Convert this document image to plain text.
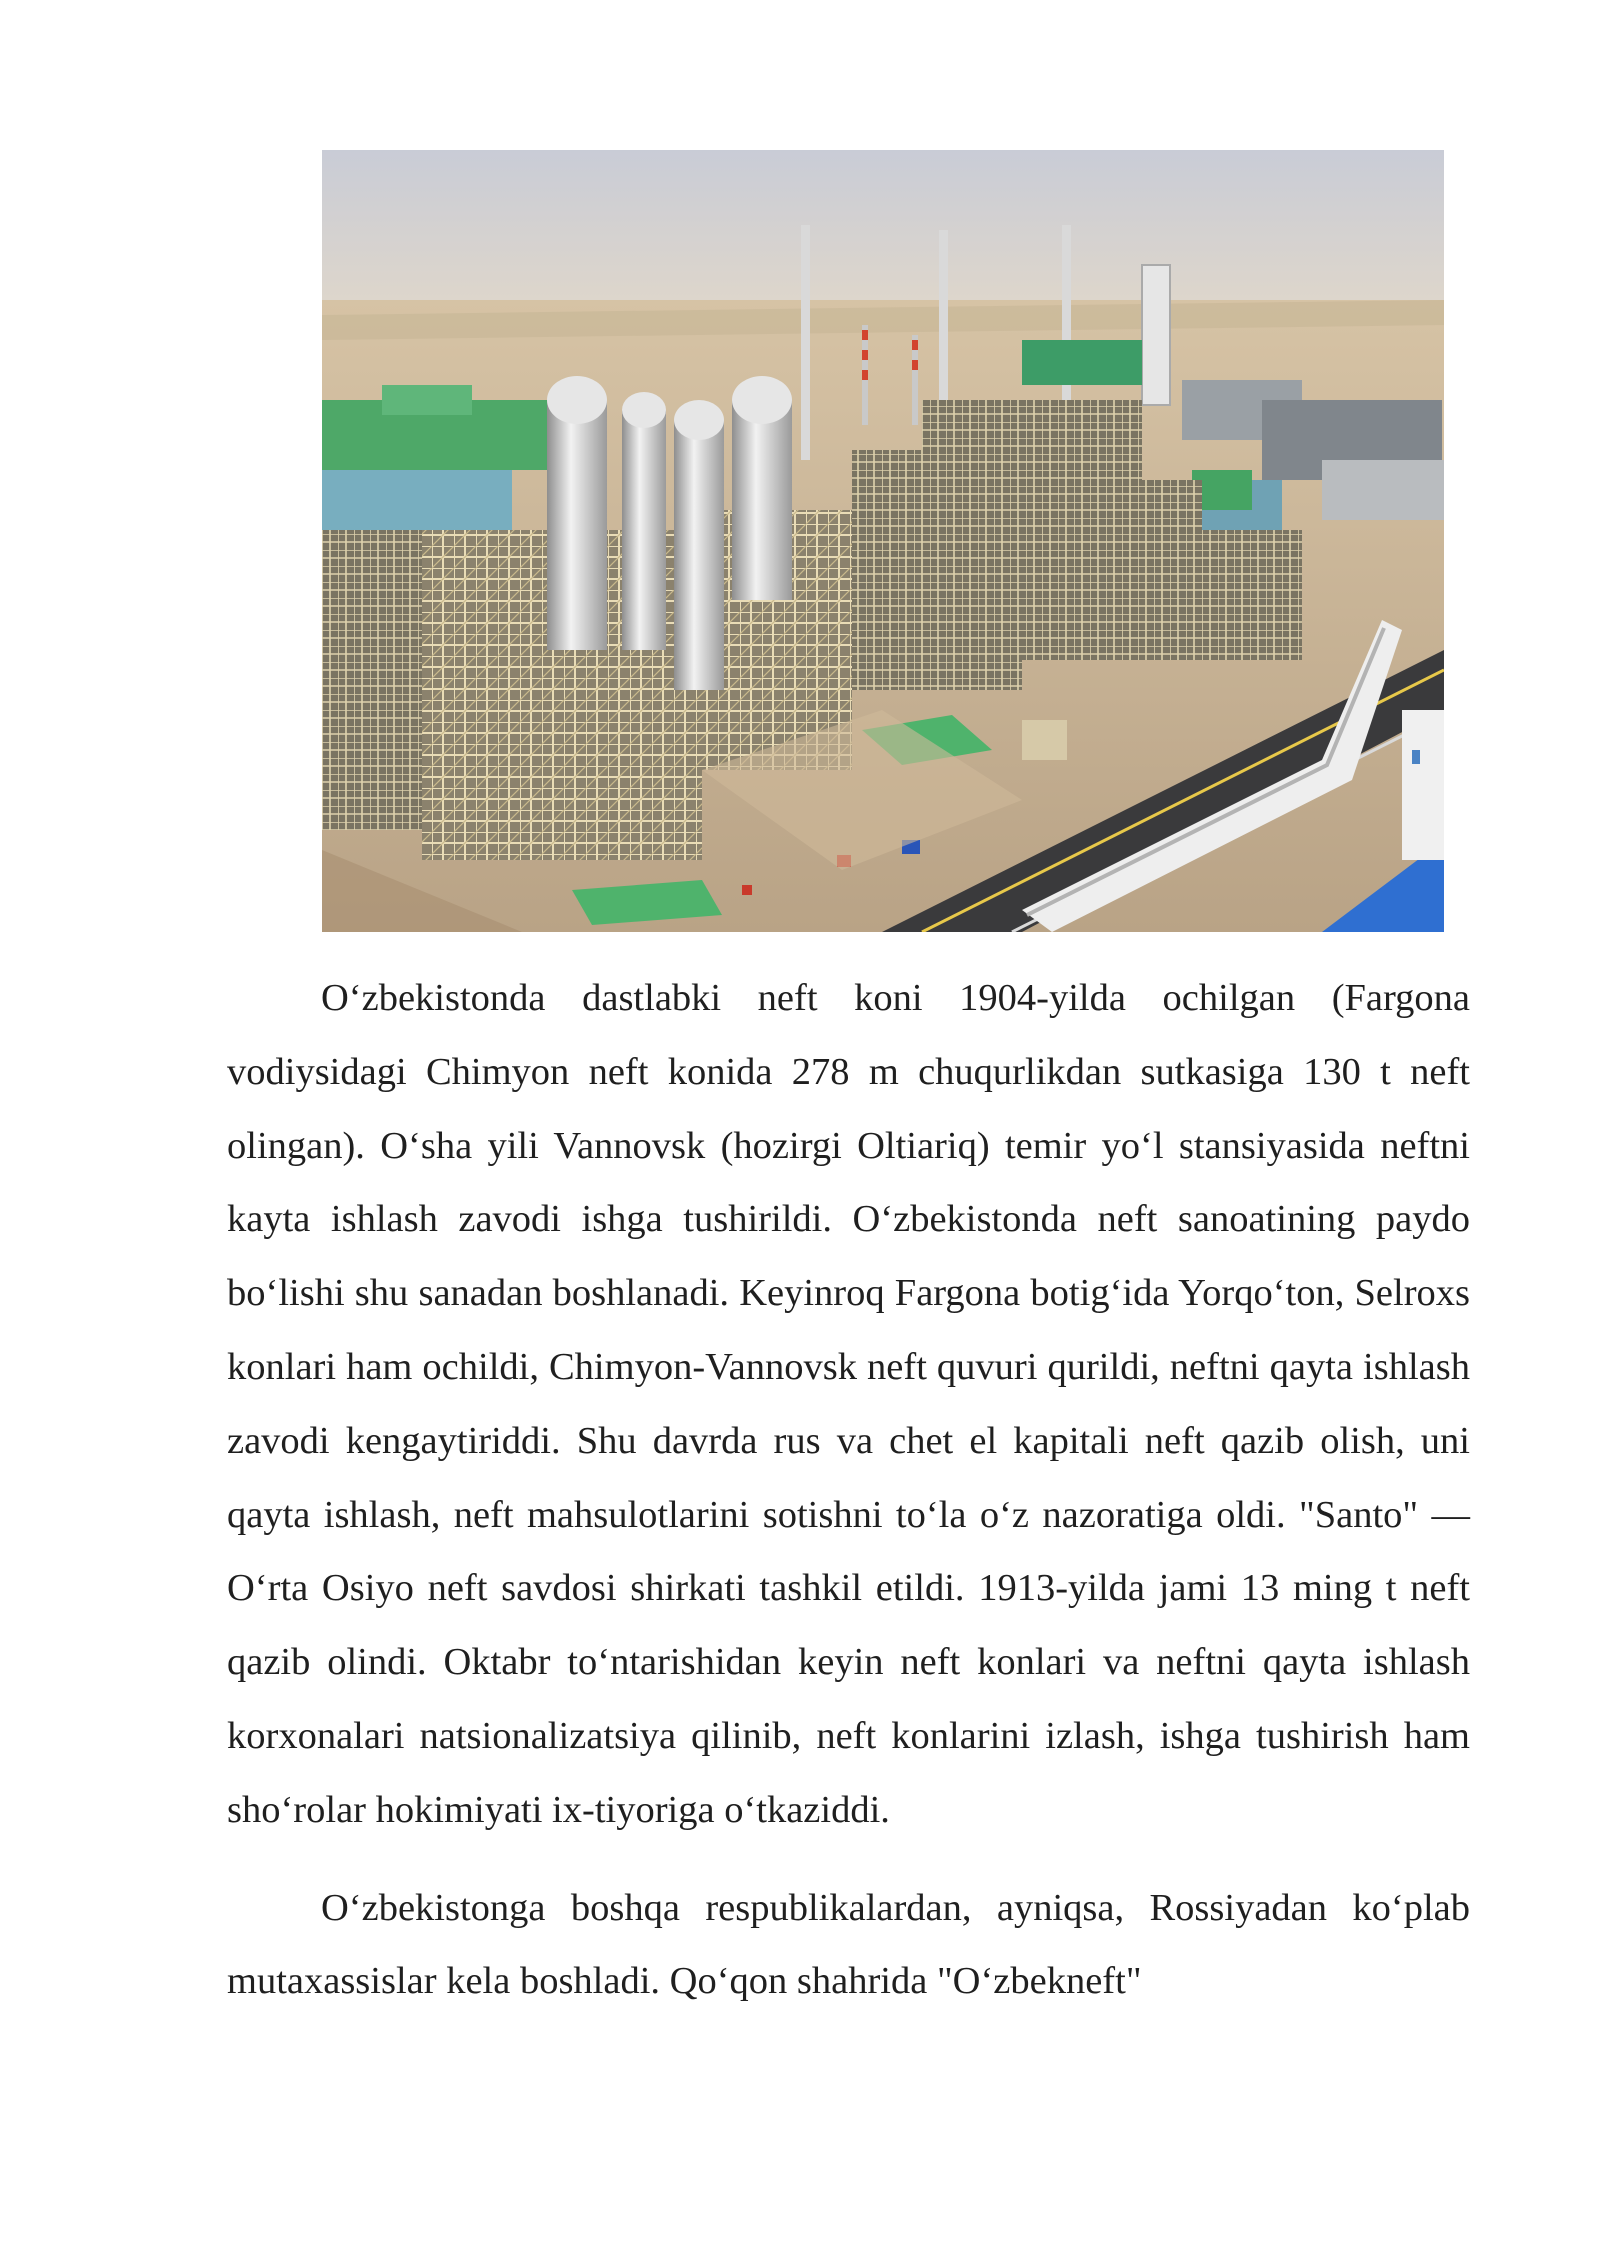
O‘zbekistonda dastlabki neft koni 1904-yilda ochilgan (Fargona vodiysidagi Chimyon neft konida 278 m chuqurlikdan sutkasiga 130 t neft olingan). O‘sha yili Vannovsk (hozirgi Oltiariq) temir yo‘l stansiyasida neftni kayta ishlash zavodi ishga tushirildi. O‘zbekistonda neft sanoatining paydo bo‘lishi shu sanadan boshlanadi. Keyinroq Fargona botig‘ida Yorqo‘ton, Selroxs konlari ham ochildi, Chimyon-Vannovsk neft quvuri qurildi, neftni qayta ishlash zavodi kengaytiriddi. Shu davrda rus va chet el kapitali neft qazib olish, uni qayta ishlash, neft mahsulotlarini sotishni to‘la o‘z nazoratiga oldi. "Santo" — O‘rta Osiyo neft savdosi shirkati tashkil etildi. 1913-yilda jami 13 ming t neft qazib olindi. Oktabr to‘ntarishidan keyin neft konlari va neftni qayta ishlash korxonalari natsionalizatsiya qilinib, neft konlarini izlash, ishga tushirish ham sho‘rolar hokimiyati ix-tiyoriga o‘tkaziddi.

O‘zbekistonga boshqa respublikalardan, ayniqsa, Rossiyadan ko‘plab mutaxassislar kela boshladi. Qo‘qon shahrida "O‘zbekneft"
